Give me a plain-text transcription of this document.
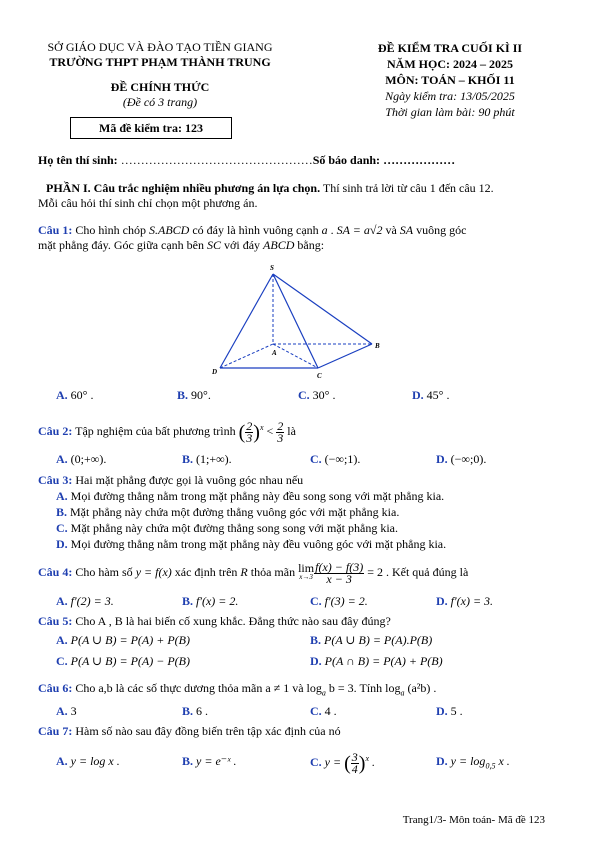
SỞ GIÁO DỤC VÀ ĐÀO TẠO TIỀN GIANG
TRƯỜNG THPT PHẠM THÀNH TRUNG
ĐỀ CHÍNH THỨC
(Đề có 3 trang)
Mã đề kiểm tra: 123
ĐỀ KIỂM TRA CUỐI KÌ II
NĂM HỌC: 2024 – 2025
MÔN: TOÁN – KHỐI 11
Ngày kiểm tra: 13/05/2025
Thời gian làm bài: 90 phút
Họ tên thí sinh: …………………………………………Số báo danh: ………………
PHẦN I. Câu trắc nghiệm nhiều phương án lựa chọn. Thí sinh trả lời từ câu 1 đến câu 12.
Mỗi câu hỏi thí sinh chỉ chọn một phương án.
Câu 1: Cho hình chóp S.ABCD có đáy là hình vuông cạnh a . SA = a√2 và SA vuông góc
mặt phẳng đáy. Góc giữa cạnh bên SC với đáy ABCD bằng:
S
A
B
C
D
A. 60° .	B. 90°.	C. 30° .	D. 45° .
Câu 2: Tập nghiệm của bất phương trình ( $\frac{2}{3} )^x < \frac{2}{3}$ là
A. (0;+∞).	B. (1;+∞).	C. (−∞;1).	D. (−∞;0).
Câu 3: Hai mặt phẳng được gọi là vuông góc nhau nếu
A. Mọi đường thẳng nằm trong mặt phẳng này đều song song với mặt phẳng kia.
B. Mặt phẳng này chứa một đường thẳng vuông góc với mặt phẳng kia.
C. Mặt phẳng này chứa một đường thẳng song song với mặt phẳng kia.
D. Mọi đường thẳng nằm trong mặt phẳng này đều vuông góc với mặt phẳng kia.
Câu 4: Cho hàm số y = f(x) xác định trên R thỏa mãn lim
$x\to 3 \frac{f(x) - f(3)}{x - 3} = 2$ . Kết quả đúng là
A. f′(2) = 3.	B. f′(x) = 2.	C. f′(3) = 2.	D. f′(x) = 3.
Câu 5: Cho A , B là hai biến cố xung khắc. Đẳng thức nào sau đây đúng?
A. P(A ∪ B) = P(A) + P(B)	B. P(A ∪ B) = P(A).P(B)
C. P(A ∪ B) = P(A) − P(B)	D. P(A ∩ B) = P(A) + P(B)
Câu 6: Cho a,b là các số thực dương thỏa mãn a ≠ 1 và $\log_a b = 3$. Tính $\log_a (a^2b)$ .
A. 3	B. 6 .	C. 4 .	D. 5 .
Câu 7: Hàm số nào sau đây đồng biến trên tập xác định của nó
A. y = log x .	B. y = e⁻ˣ .	C. y = ( $\frac{3}{4} )^x$ .	D. $y = \log_{0,5} x$ .
Trang1/3- Môn toán- Mã đề 123
